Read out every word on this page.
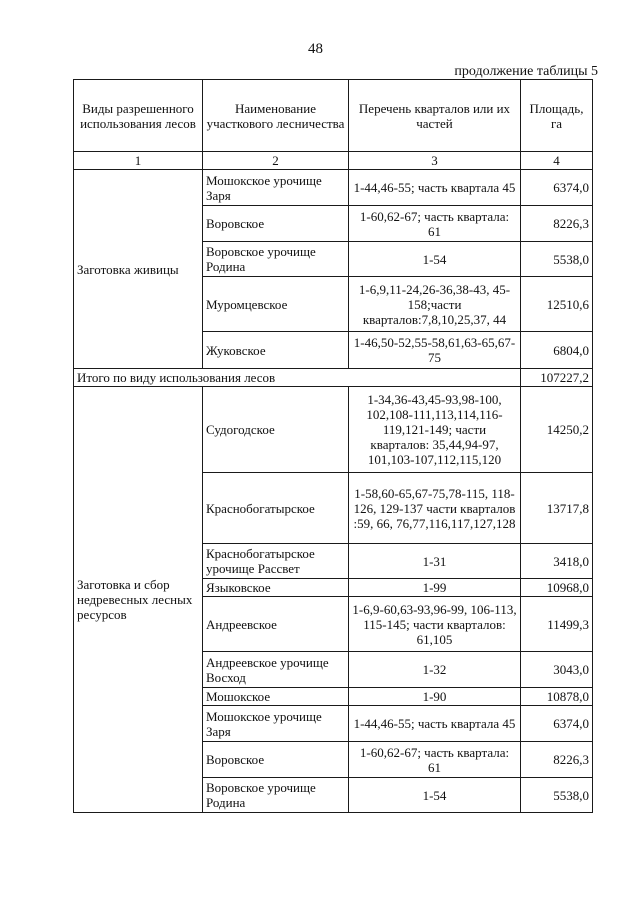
48
продолжение таблицы 5
Виды разрешенного использования лесов	Наименование участкового лесничества	Перечень кварталов или их частей	Площадь, га
1	2	3	4
Заготовка живицы	Мошокское урочище Заря	1-44,46-55; часть квартала 45	6374,0
	Воровское	1-60,62-67; часть квартала: 61	8226,3
	Воровское урочище Родина	1-54	5538,0
	Муромцевское	1-6,9,11-24,26-36,38-43, 45-158;части кварталов:7,8,10,25,37, 44	12510,6
	Жуковское	1-46,50-52,55-58,61,63-65,67-75	6804,0
Итого по виду использования лесов			107227,2
Заготовка и сбор недревесных лесных ресурсов	Судогодское	1-34,36-43,45-93,98-100, 102,108-111,113,114,116-119,121-149; части кварталов: 35,44,94-97, 101,103-107,112,115,120	14250,2
	Краснобогатырское	1-58,60-65,67-75,78-115, 118-126, 129-137 части кварталов :59, 66, 76,77,116,117,127,128	13717,8
	Краснобогатырское урочище Рассвет	1-31	3418,0
	Языковское	1-99	10968,0
	Андреевское	1-6,9-60,63-93,96-99, 106-113, 115-145; части кварталов: 61,105	11499,3
	Андреевское урочище Восход	1-32	3043,0
	Мошокское	1-90	10878,0
	Мошокское урочище Заря	1-44,46-55; часть квартала 45	6374,0
	Воровское	1-60,62-67; часть квартала: 61	8226,3
	Воровское урочище Родина	1-54	5538,0
